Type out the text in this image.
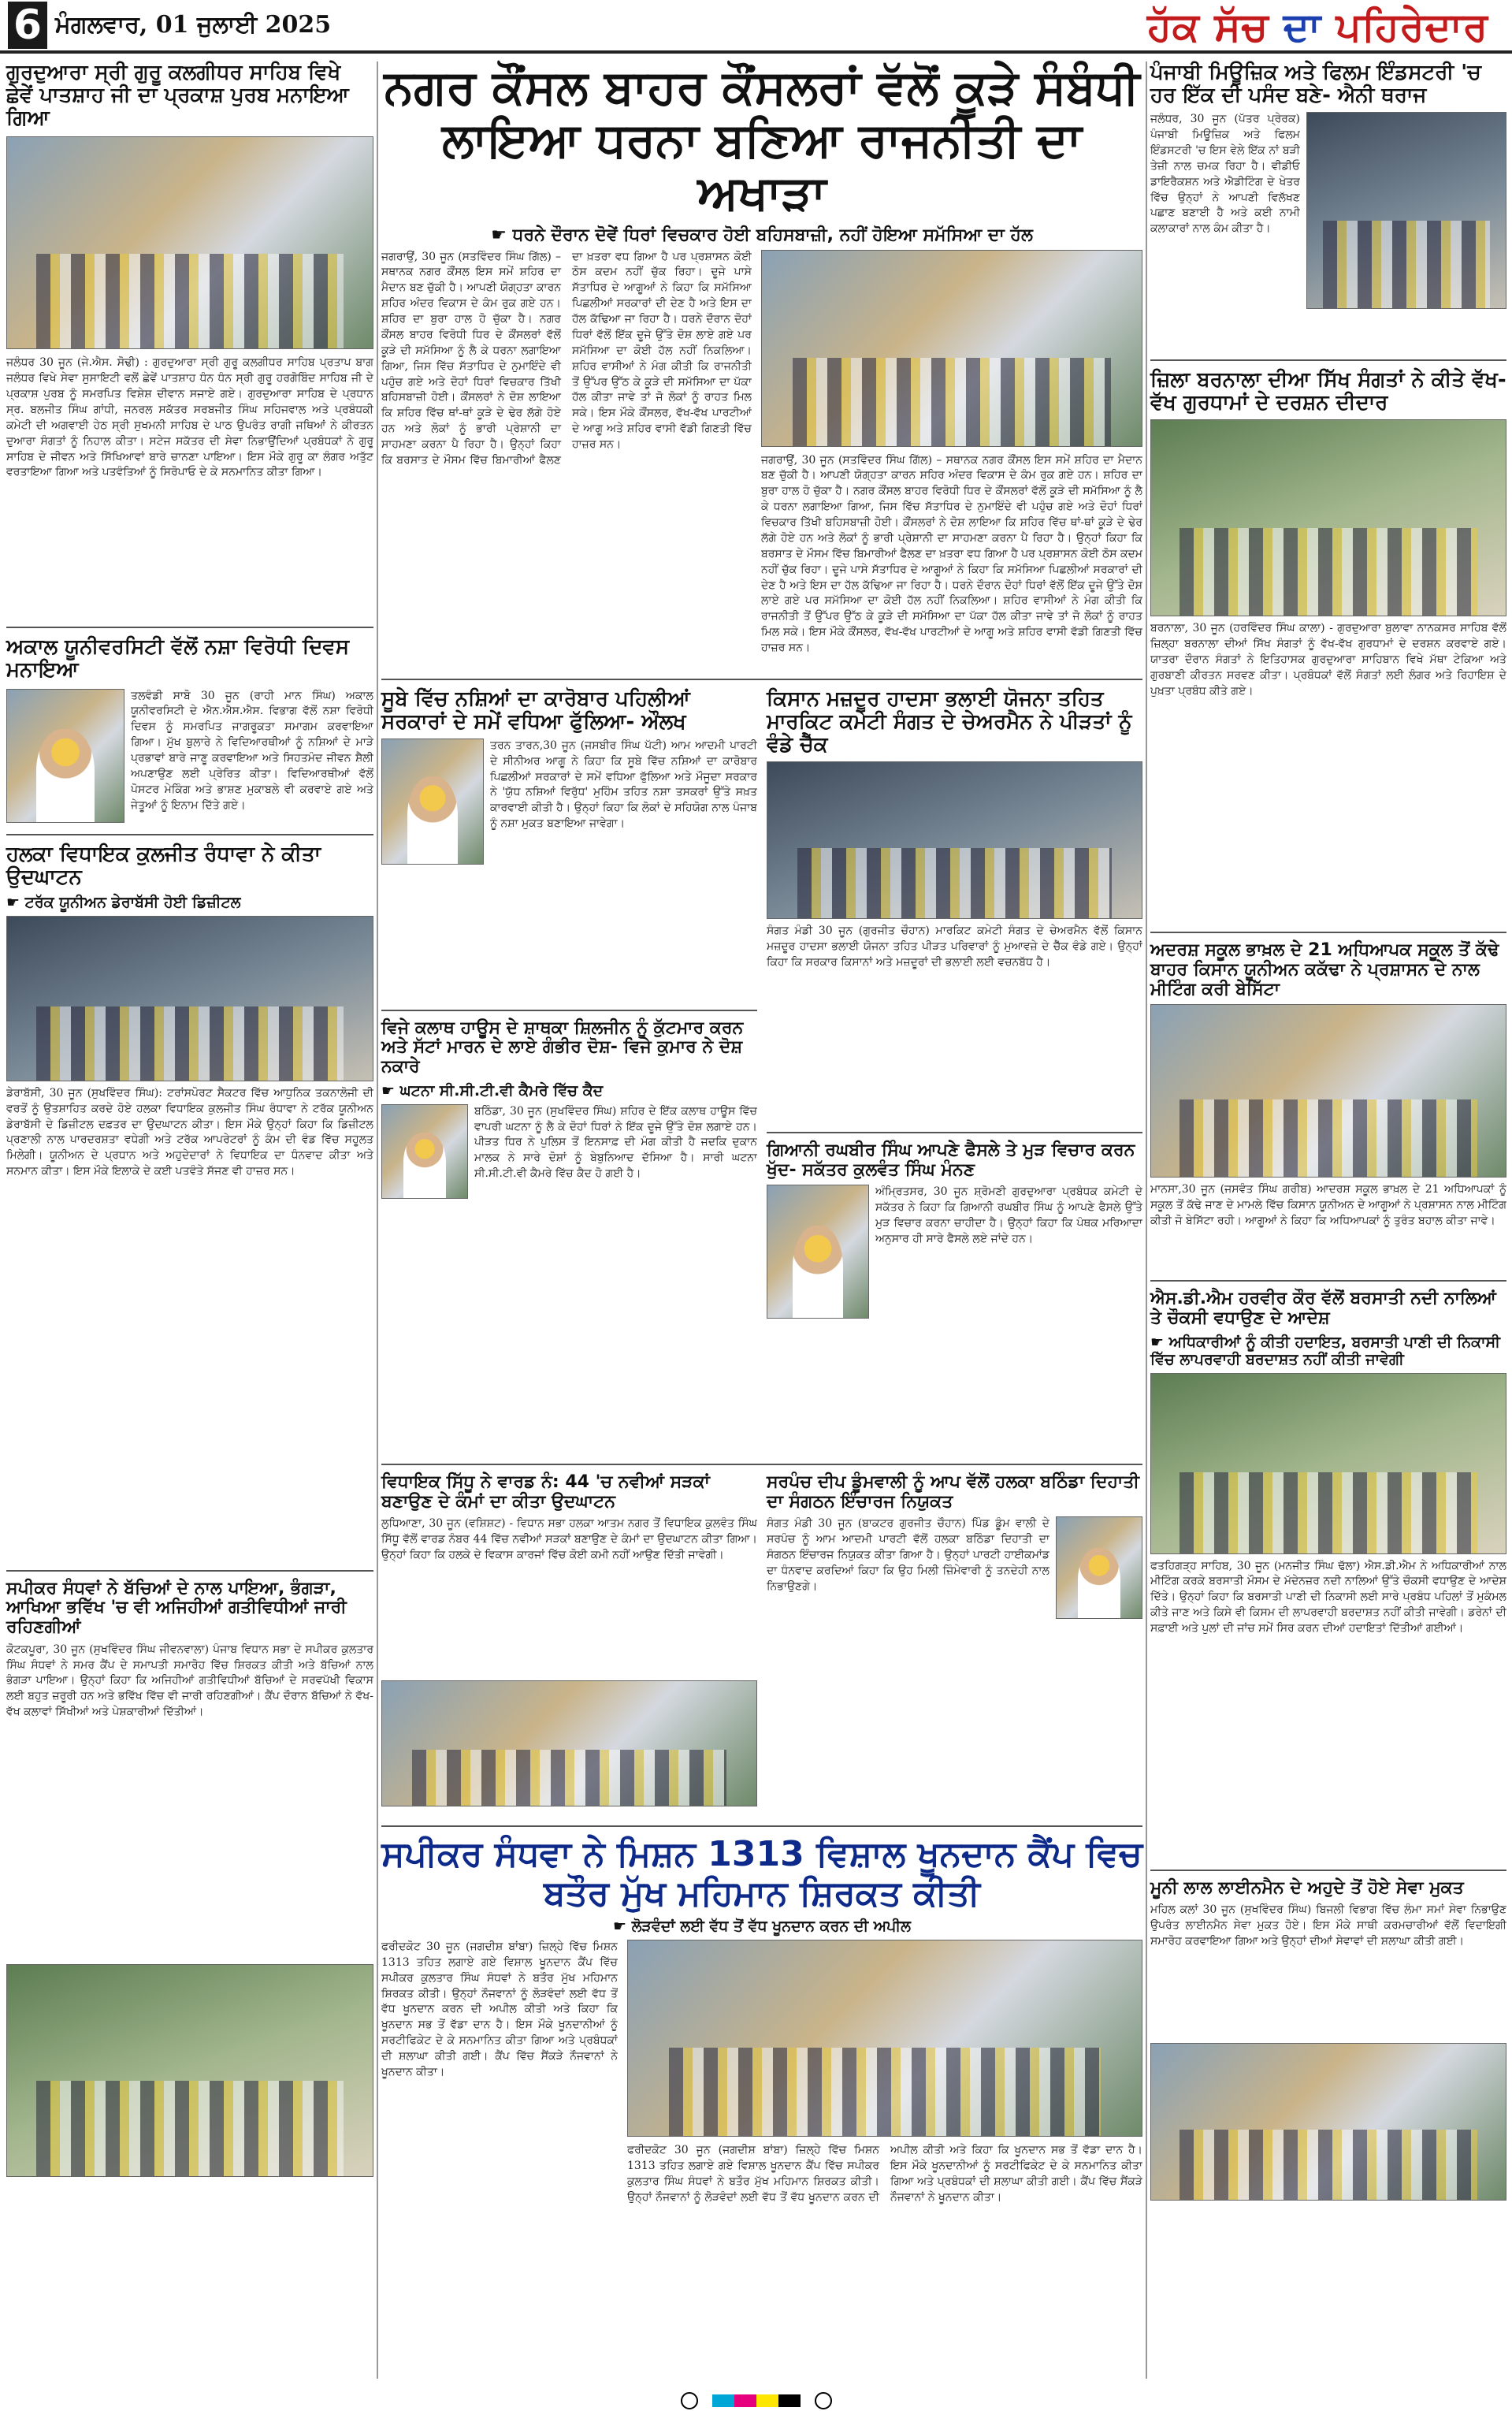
6 ਮੰਗਲਵਾਰ, 01 ਜੁਲਾਈ 2025	ਹੱਕ ਸੱਚ ਦਾ ਪਹਿਰੇਦਾਰ
ਗੁਰਦੁਆਰਾ ਸ੍ਰੀ ਗੁਰੂ ਕਲਗੀਧਰ ਸਾਹਿਬ ਵਿਖੇ ਛੇਵੇਂ ਪਾਤਸ਼ਾਹ ਜੀ ਦਾ ਪ੍ਰਕਾਸ਼ ਪੁਰਬ ਮਨਾਇਆ ਗਿਆ

ਜਲੰਧਰ 30 ਜੂਨ (ਜੇ.ਐਸ. ਸੋਢੀ) : ਗੁਰਦੁਆਰਾ ਸ੍ਰੀ ਗੁਰੂ ਕਲਗੀਧਰ ਸਾਹਿਬ ਪ੍ਰਤਾਪ ਬਾਗ ਜਲੰਧਰ ਵਿਖੇ ਸੇਵਾ ਸੁਸਾਇਟੀ ਵਲੋਂ ਛੇਵੇਂ ਪਾਤਸ਼ਾਹ ਧੰਨ ਧੰਨ ਸ੍ਰੀ ਗੁਰੂ ਹਰਗੋਬਿੰਦ ਸਾਹਿਬ ਜੀ ਦੇ ਪ੍ਰਕਾਸ਼ ਪੁਰਬ ਨੂੰ ਸਮਰਪਿਤ ਵਿਸ਼ੇਸ਼ ਦੀਵਾਨ ਸਜਾਏ ਗਏ। ਗੁਰਦੁਆਰਾ ਸਾਹਿਬ ਦੇ ਪ੍ਰਧਾਨ ਸ੍ਰ. ਬਲਜੀਤ ਸਿੰਘ ਗਾਂਧੀ, ਜਨਰਲ ਸਕੱਤਰ ਸਰਬਜੀਤ ਸਿੰਘ ਸਹਿਜਵਾਲ ਅਤੇ ਪ੍ਰਬੰਧਕੀ ਕਮੇਟੀ ਦੀ ਅਗਵਾਈ ਹੇਠ ਸ੍ਰੀ ਸੁਖਮਨੀ ਸਾਹਿਬ ਦੇ ਪਾਠ ਉਪਰੰਤ ਰਾਗੀ ਜਥਿਆਂ ਨੇ ਕੀਰਤਨ ਦੁਆਰਾ ਸੰਗਤਾਂ ਨੂੰ ਨਿਹਾਲ ਕੀਤਾ। ਸਟੇਜ ਸਕੱਤਰ ਦੀ ਸੇਵਾ ਨਿਭਾਉਂਦਿਆਂ ਪ੍ਰਬੰਧਕਾਂ ਨੇ ਗੁਰੂ ਸਾਹਿਬ ਦੇ ਜੀਵਨ ਅਤੇ ਸਿੱਖਿਆਵਾਂ ਬਾਰੇ ਚਾਨਣਾ ਪਾਇਆ। ਇਸ ਮੌਕੇ ਗੁਰੂ ਕਾ ਲੰਗਰ ਅਤੁੱਟ ਵਰਤਾਇਆ ਗਿਆ ਅਤੇ ਪਤਵੰਤਿਆਂ ਨੂੰ ਸਿਰੋਪਾਓ ਦੇ ਕੇ ਸਨਮਾਨਿਤ ਕੀਤਾ ਗਿਆ।

ਅਕਾਲ ਯੂਨੀਵਰਸਿਟੀ ਵੱਲੋਂ ਨਸ਼ਾ ਵਿਰੋਧੀ ਦਿਵਸ ਮਨਾਇਆ

ਤਲਵੰਡੀ ਸਾਬੋ 30 ਜੂਨ (ਰਾਹੀ ਮਾਨ ਸਿੰਘ) ਅਕਾਲ ਯੂਨੀਵਰਸਿਟੀ ਦੇ ਐਨ.ਐਸ.ਐਸ. ਵਿਭਾਗ ਵੱਲੋਂ ਨਸ਼ਾ ਵਿਰੋਧੀ ਦਿਵਸ ਨੂੰ ਸਮਰਪਿਤ ਜਾਗਰੂਕਤਾ ਸਮਾਗਮ ਕਰਵਾਇਆ ਗਿਆ। ਮੁੱਖ ਬੁਲਾਰੇ ਨੇ ਵਿਦਿਆਰਥੀਆਂ ਨੂੰ ਨਸ਼ਿਆਂ ਦੇ ਮਾੜੇ ਪ੍ਰਭਾਵਾਂ ਬਾਰੇ ਜਾਣੂ ਕਰਵਾਇਆ ਅਤੇ ਸਿਹਤਮੰਦ ਜੀਵਨ ਸ਼ੈਲੀ ਅਪਣਾਉਣ ਲਈ ਪ੍ਰੇਰਿਤ ਕੀਤਾ। ਵਿਦਿਆਰਥੀਆਂ ਵੱਲੋਂ ਪੋਸਟਰ ਮੇਕਿੰਗ ਅਤੇ ਭਾਸ਼ਣ ਮੁਕਾਬਲੇ ਵੀ ਕਰਵਾਏ ਗਏ ਅਤੇ ਜੇਤੂਆਂ ਨੂੰ ਇਨਾਮ ਦਿੱਤੇ ਗਏ।

ਹਲਕਾ ਵਿਧਾਇਕ ਕੁਲਜੀਤ ਰੰਧਾਵਾ ਨੇ ਕੀਤਾ ਉਦਘਾਟਨ
☛ ਟਰੱਕ ਯੂਨੀਅਨ ਡੇਰਾਬੱਸੀ ਹੋਈ ਡਿਜ਼ੀਟਲ

ਡੇਰਾਬੱਸੀ, 30 ਜੂਨ (ਸੁਖਵਿੰਦਰ ਸਿੰਘ): ਟਰਾਂਸਪੋਰਟ ਸੈਕਟਰ ਵਿੱਚ ਆਧੁਨਿਕ ਤਕਨਾਲੋਜੀ ਦੀ ਵਰਤੋਂ ਨੂੰ ਉਤਸ਼ਾਹਿਤ ਕਰਦੇ ਹੋਏ ਹਲਕਾ ਵਿਧਾਇਕ ਕੁਲਜੀਤ ਸਿੰਘ ਰੰਧਾਵਾ ਨੇ ਟਰੱਕ ਯੂਨੀਅਨ ਡੇਰਾਬੱਸੀ ਦੇ ਡਿਜ਼ੀਟਲ ਦਫ਼ਤਰ ਦਾ ਉਦਘਾਟਨ ਕੀਤਾ। ਇਸ ਮੌਕੇ ਉਨ੍ਹਾਂ ਕਿਹਾ ਕਿ ਡਿਜ਼ੀਟਲ ਪ੍ਰਣਾਲੀ ਨਾਲ ਪਾਰਦਰਸ਼ਤਾ ਵਧੇਗੀ ਅਤੇ ਟਰੱਕ ਆਪਰੇਟਰਾਂ ਨੂੰ ਕੰਮ ਦੀ ਵੰਡ ਵਿੱਚ ਸਹੂਲਤ ਮਿਲੇਗੀ। ਯੂਨੀਅਨ ਦੇ ਪ੍ਰਧਾਨ ਅਤੇ ਅਹੁਦੇਦਾਰਾਂ ਨੇ ਵਿਧਾਇਕ ਦਾ ਧੰਨਵਾਦ ਕੀਤਾ ਅਤੇ ਸਨਮਾਨ ਕੀਤਾ। ਇਸ ਮੌਕੇ ਇਲਾਕੇ ਦੇ ਕਈ ਪਤਵੰਤੇ ਸੱਜਣ ਵੀ ਹਾਜ਼ਰ ਸਨ।

ਸਪੀਕਰ ਸੰਧਵਾਂ ਨੇ ਬੱਚਿਆਂ ਦੇ ਨਾਲ ਪਾਇਆ, ਭੰਗੜਾ, ਆਖਿਆ ਭਵਿੱਖ 'ਚ ਵੀ ਅਜਿਹੀਆਂ ਗਤੀਵਿਧੀਆਂ ਜਾਰੀ ਰਹਿਣਗੀਆਂ

ਕੋਟਕਪੂਰਾ, 30 ਜੂਨ (ਸੁਖਵਿੰਦਰ ਸਿੰਘ ਜੀਵਨਵਾਲਾ) ਪੰਜਾਬ ਵਿਧਾਨ ਸਭਾ ਦੇ ਸਪੀਕਰ ਕੁਲਤਾਰ ਸਿੰਘ ਸੰਧਵਾਂ ਨੇ ਸਮਰ ਕੈਂਪ ਦੇ ਸਮਾਪਤੀ ਸਮਾਰੋਹ ਵਿੱਚ ਸ਼ਿਰਕਤ ਕੀਤੀ ਅਤੇ ਬੱਚਿਆਂ ਨਾਲ ਭੰਗੜਾ ਪਾਇਆ। ਉਨ੍ਹਾਂ ਕਿਹਾ ਕਿ ਅਜਿਹੀਆਂ ਗਤੀਵਿਧੀਆਂ ਬੱਚਿਆਂ ਦੇ ਸਰਵਪੱਖੀ ਵਿਕਾਸ ਲਈ ਬਹੁਤ ਜ਼ਰੂਰੀ ਹਨ ਅਤੇ ਭਵਿੱਖ ਵਿੱਚ ਵੀ ਜਾਰੀ ਰਹਿਣਗੀਆਂ। ਕੈਂਪ ਦੌਰਾਨ ਬੱਚਿਆਂ ਨੇ ਵੱਖ-ਵੱਖ ਕਲਾਵਾਂ ਸਿੱਖੀਆਂ ਅਤੇ ਪੇਸ਼ਕਾਰੀਆਂ ਦਿੱਤੀਆਂ।

ਨਗਰ ਕੌਂਸਲ ਬਾਹਰ ਕੌਂਸਲਰਾਂ ਵੱਲੋਂ ਕੂੜੇ ਸੰਬੰਧੀ ਲਾਇਆ ਧਰਨਾ ਬਣਿਆ ਰਾਜਨੀਤੀ ਦਾ ਅਖਾੜਾ
☛ ਧਰਨੇ ਦੌਰਾਨ ਦੋਵੇਂ ਧਿਰਾਂ ਵਿਚਕਾਰ ਹੋਈ ਬਹਿਸਬਾਜ਼ੀ, ਨਹੀਂ ਹੋਇਆ ਸਮੱਸਿਆ ਦਾ ਹੱਲ

ਜਗਰਾਉਂ, 30 ਜੂਨ (ਸਤਵਿੰਦਰ ਸਿੰਘ ਗਿੱਲ) – ਸਥਾਨਕ ਨਗਰ ਕੌਂਸਲ ਇਸ ਸਮੇਂ ਸ਼ਹਿਰ ਦਾ ਮੈਦਾਨ ਬਣ ਚੁੱਕੀ ਹੈ। ਆਪਣੀ ਯੋਗ੍ਹਤਾ ਕਾਰਨ ਸ਼ਹਿਰ ਅੰਦਰ ਵਿਕਾਸ ਦੇ ਕੰਮ ਰੁਕ ਗਏ ਹਨ। ਸ਼ਹਿਰ ਦਾ ਬੁਰਾ ਹਾਲ ਹੋ ਚੁੱਕਾ ਹੈ। ਨਗਰ ਕੌਂਸਲ ਬਾਹਰ ਵਿਰੋਧੀ ਧਿਰ ਦੇ ਕੌਂਸਲਰਾਂ ਵੱਲੋਂ ਕੂੜੇ ਦੀ ਸਮੱਸਿਆ ਨੂੰ ਲੈ ਕੇ ਧਰਨਾ ਲਗਾਇਆ ਗਿਆ, ਜਿਸ ਵਿੱਚ ਸੱਤਾਧਿਰ ਦੇ ਨੁਮਾਇੰਦੇ ਵੀ ਪਹੁੰਚ ਗਏ ਅਤੇ ਦੋਹਾਂ ਧਿਰਾਂ ਵਿਚਕਾਰ ਤਿੱਖੀ ਬਹਿਸਬਾਜ਼ੀ ਹੋਈ। ਕੌਂਸਲਰਾਂ ਨੇ ਦੋਸ਼ ਲਾਇਆ ਕਿ ਸ਼ਹਿਰ ਵਿੱਚ ਥਾਂ-ਥਾਂ ਕੂੜੇ ਦੇ ਢੇਰ ਲੱਗੇ ਹੋਏ ਹਨ ਅਤੇ ਲੋਕਾਂ ਨੂੰ ਭਾਰੀ ਪ੍ਰੇਸ਼ਾਨੀ ਦਾ ਸਾਹਮਣਾ ਕਰਨਾ ਪੈ ਰਿਹਾ ਹੈ। ਉਨ੍ਹਾਂ ਕਿਹਾ ਕਿ ਬਰਸਾਤ ਦੇ ਮੌਸਮ ਵਿੱਚ ਬਿਮਾਰੀਆਂ ਫੈਲਣ ਦਾ ਖ਼ਤਰਾ ਵਧ ਗਿਆ ਹੈ ਪਰ ਪ੍ਰਸ਼ਾਸਨ ਕੋਈ ਠੋਸ ਕਦਮ ਨਹੀਂ ਚੁੱਕ ਰਿਹਾ। ਦੂਜੇ ਪਾਸੇ ਸੱਤਾਧਿਰ ਦੇ ਆਗੂਆਂ ਨੇ ਕਿਹਾ ਕਿ ਸਮੱਸਿਆ ਪਿਛਲੀਆਂ ਸਰਕਾਰਾਂ ਦੀ ਦੇਣ ਹੈ ਅਤੇ ਇਸ ਦਾ ਹੱਲ ਕੱਢਿਆ ਜਾ ਰਿਹਾ ਹੈ। ਧਰਨੇ ਦੌਰਾਨ ਦੋਹਾਂ ਧਿਰਾਂ ਵੱਲੋਂ ਇੱਕ ਦੂਜੇ ਉੱਤੇ ਦੋਸ਼ ਲਾਏ ਗਏ ਪਰ ਸਮੱਸਿਆ ਦਾ ਕੋਈ ਹੱਲ ਨਹੀਂ ਨਿਕਲਿਆ। ਸ਼ਹਿਰ ਵਾਸੀਆਂ ਨੇ ਮੰਗ ਕੀਤੀ ਕਿ ਰਾਜਨੀਤੀ ਤੋਂ ਉੱਪਰ ਉੱਠ ਕੇ ਕੂੜੇ ਦੀ ਸਮੱਸਿਆ ਦਾ ਪੱਕਾ ਹੱਲ ਕੀਤਾ ਜਾਵੇ ਤਾਂ ਜੋ ਲੋਕਾਂ ਨੂੰ ਰਾਹਤ ਮਿਲ ਸਕੇ। ਇਸ ਮੌਕੇ ਕੌਂਸਲਰ, ਵੱਖ-ਵੱਖ ਪਾਰਟੀਆਂ ਦੇ ਆਗੂ ਅਤੇ ਸ਼ਹਿਰ ਵਾਸੀ ਵੱਡੀ ਗਿਣਤੀ ਵਿੱਚ ਹਾਜ਼ਰ ਸਨ।

ਜਗਰਾਉਂ, 30 ਜੂਨ (ਸਤਵਿੰਦਰ ਸਿੰਘ ਗਿੱਲ) – ਸਥਾਨਕ ਨਗਰ ਕੌਂਸਲ ਇਸ ਸਮੇਂ ਸ਼ਹਿਰ ਦਾ ਮੈਦਾਨ ਬਣ ਚੁੱਕੀ ਹੈ। ਆਪਣੀ ਯੋਗ੍ਹਤਾ ਕਾਰਨ ਸ਼ਹਿਰ ਅੰਦਰ ਵਿਕਾਸ ਦੇ ਕੰਮ ਰੁਕ ਗਏ ਹਨ। ਸ਼ਹਿਰ ਦਾ ਬੁਰਾ ਹਾਲ ਹੋ ਚੁੱਕਾ ਹੈ। ਨਗਰ ਕੌਂਸਲ ਬਾਹਰ ਵਿਰੋਧੀ ਧਿਰ ਦੇ ਕੌਂਸਲਰਾਂ ਵੱਲੋਂ ਕੂੜੇ ਦੀ ਸਮੱਸਿਆ ਨੂੰ ਲੈ ਕੇ ਧਰਨਾ ਲਗਾਇਆ ਗਿਆ, ਜਿਸ ਵਿੱਚ ਸੱਤਾਧਿਰ ਦੇ ਨੁਮਾਇੰਦੇ ਵੀ ਪਹੁੰਚ ਗਏ ਅਤੇ ਦੋਹਾਂ ਧਿਰਾਂ ਵਿਚਕਾਰ ਤਿੱਖੀ ਬਹਿਸਬਾਜ਼ੀ ਹੋਈ। ਕੌਂਸਲਰਾਂ ਨੇ ਦੋਸ਼ ਲਾਇਆ ਕਿ ਸ਼ਹਿਰ ਵਿੱਚ ਥਾਂ-ਥਾਂ ਕੂੜੇ ਦੇ ਢੇਰ ਲੱਗੇ ਹੋਏ ਹਨ ਅਤੇ ਲੋਕਾਂ ਨੂੰ ਭਾਰੀ ਪ੍ਰੇਸ਼ਾਨੀ ਦਾ ਸਾਹਮਣਾ ਕਰਨਾ ਪੈ ਰਿਹਾ ਹੈ। ਉਨ੍ਹਾਂ ਕਿਹਾ ਕਿ ਬਰਸਾਤ ਦੇ ਮੌਸਮ ਵਿੱਚ ਬਿਮਾਰੀਆਂ ਫੈਲਣ ਦਾ ਖ਼ਤਰਾ ਵਧ ਗਿਆ ਹੈ ਪਰ ਪ੍ਰਸ਼ਾਸਨ ਕੋਈ ਠੋਸ ਕਦਮ ਨਹੀਂ ਚੁੱਕ ਰਿਹਾ। ਦੂਜੇ ਪਾਸੇ ਸੱਤਾਧਿਰ ਦੇ ਆਗੂਆਂ ਨੇ ਕਿਹਾ ਕਿ ਸਮੱਸਿਆ ਪਿਛਲੀਆਂ ਸਰਕਾਰਾਂ ਦੀ ਦੇਣ ਹੈ ਅਤੇ ਇਸ ਦਾ ਹੱਲ ਕੱਢਿਆ ਜਾ ਰਿਹਾ ਹੈ। ਧਰਨੇ ਦੌਰਾਨ ਦੋਹਾਂ ਧਿਰਾਂ ਵੱਲੋਂ ਇੱਕ ਦੂਜੇ ਉੱਤੇ ਦੋਸ਼ ਲਾਏ ਗਏ ਪਰ ਸਮੱਸਿਆ ਦਾ ਕੋਈ ਹੱਲ ਨਹੀਂ ਨਿਕਲਿਆ। ਸ਼ਹਿਰ ਵਾਸੀਆਂ ਨੇ ਮੰਗ ਕੀਤੀ ਕਿ ਰਾਜਨੀਤੀ ਤੋਂ ਉੱਪਰ ਉੱਠ ਕੇ ਕੂੜੇ ਦੀ ਸਮੱਸਿਆ ਦਾ ਪੱਕਾ ਹੱਲ ਕੀਤਾ ਜਾਵੇ ਤਾਂ ਜੋ ਲੋਕਾਂ ਨੂੰ ਰਾਹਤ ਮਿਲ ਸਕੇ। ਇਸ ਮੌਕੇ ਕੌਂਸਲਰ, ਵੱਖ-ਵੱਖ ਪਾਰਟੀਆਂ ਦੇ ਆਗੂ ਅਤੇ ਸ਼ਹਿਰ ਵਾਸੀ ਵੱਡੀ ਗਿਣਤੀ ਵਿੱਚ ਹਾਜ਼ਰ ਸਨ।

ਸੂਬੇ ਵਿੱਚ ਨਸ਼ਿਆਂ ਦਾ ਕਾਰੋਬਾਰ ਪਹਿਲੀਆਂ ਸਰਕਾਰਾਂ ਦੇ ਸਮੇਂ ਵਧਿਆ ਫੁੱਲਿਆ- ਔਲਖ

ਤਰਨ ਤਾਰਨ,30 ਜੂਨ (ਜਸਬੀਰ ਸਿੰਘ ਪੱਟੀ) ਆਮ ਆਦਮੀ ਪਾਰਟੀ ਦੇ ਸੀਨੀਅਰ ਆਗੂ ਨੇ ਕਿਹਾ ਕਿ ਸੂਬੇ ਵਿੱਚ ਨਸ਼ਿਆਂ ਦਾ ਕਾਰੋਬਾਰ ਪਿਛਲੀਆਂ ਸਰਕਾਰਾਂ ਦੇ ਸਮੇਂ ਵਧਿਆ ਫੁੱਲਿਆ ਅਤੇ ਮੌਜੂਦਾ ਸਰਕਾਰ ਨੇ 'ਯੁੱਧ ਨਸ਼ਿਆਂ ਵਿਰੁੱਧ' ਮੁਹਿੰਮ ਤਹਿਤ ਨਸ਼ਾ ਤਸਕਰਾਂ ਉੱਤੇ ਸਖ਼ਤ ਕਾਰਵਾਈ ਕੀਤੀ ਹੈ। ਉਨ੍ਹਾਂ ਕਿਹਾ ਕਿ ਲੋਕਾਂ ਦੇ ਸਹਿਯੋਗ ਨਾਲ ਪੰਜਾਬ ਨੂੰ ਨਸ਼ਾ ਮੁਕਤ ਬਣਾਇਆ ਜਾਵੇਗਾ।

ਵਿਜੇ ਕਲਾਥ ਹਾਊਸ ਦੇ ਸ਼ਾਥਕਾ ਸ਼ਿਲਜੀਨ ਨੂੰ ਕੁੱਟਮਾਰ ਕਰਨ ਅਤੇ ਸੱਟਾਂ ਮਾਰਨ ਦੇ ਲਾਏ ਗੰਭੀਰ ਦੋਸ਼- ਵਿਜੇ ਕੁਮਾਰ ਨੇ ਦੋਸ਼ ਨਕਾਰੇ
☛ ਘਟਨਾ ਸੀ.ਸੀ.ਟੀ.ਵੀ ਕੈਮਰੇ ਵਿੱਚ ਕੈਦ

ਬਠਿੰਡਾ, 30 ਜੂਨ (ਸੁਖਵਿੰਦਰ ਸਿੰਘ) ਸ਼ਹਿਰ ਦੇ ਇੱਕ ਕਲਾਥ ਹਾਊਸ ਵਿੱਚ ਵਾਪਰੀ ਘਟਨਾ ਨੂੰ ਲੈ ਕੇ ਦੋਹਾਂ ਧਿਰਾਂ ਨੇ ਇੱਕ ਦੂਜੇ ਉੱਤੇ ਦੋਸ਼ ਲਗਾਏ ਹਨ। ਪੀੜਤ ਧਿਰ ਨੇ ਪੁਲਿਸ ਤੋਂ ਇਨਸਾਫ਼ ਦੀ ਮੰਗ ਕੀਤੀ ਹੈ ਜਦਕਿ ਦੁਕਾਨ ਮਾਲਕ ਨੇ ਸਾਰੇ ਦੋਸ਼ਾਂ ਨੂੰ ਬੇਬੁਨਿਆਦ ਦੱਸਿਆ ਹੈ। ਸਾਰੀ ਘਟਨਾ ਸੀ.ਸੀ.ਟੀ.ਵੀ ਕੈਮਰੇ ਵਿੱਚ ਕੈਦ ਹੋ ਗਈ ਹੈ।

ਕਿਸਾਨ ਮਜ਼ਦੂਰ ਹਾਦਸਾ ਭਲਾਈ ਯੋਜਨਾ ਤਹਿਤ ਮਾਰਕਿਟ ਕਮੇਟੀ ਸੰਗਤ ਦੇ ਚੇਅਰਮੈਨ ਨੇ ਪੀੜਤਾਂ ਨੂੰ ਵੰਡੇ ਚੈੱਕ

ਸੰਗਤ ਮੰਡੀ 30 ਜੂਨ (ਗੁਰਜੀਤ ਚੌਹਾਨ) ਮਾਰਕਿਟ ਕਮੇਟੀ ਸੰਗਤ ਦੇ ਚੇਅਰਮੈਨ ਵੱਲੋਂ ਕਿਸਾਨ ਮਜ਼ਦੂਰ ਹਾਦਸਾ ਭਲਾਈ ਯੋਜਨਾ ਤਹਿਤ ਪੀੜਤ ਪਰਿਵਾਰਾਂ ਨੂੰ ਮੁਆਵਜ਼ੇ ਦੇ ਚੈੱਕ ਵੰਡੇ ਗਏ। ਉਨ੍ਹਾਂ ਕਿਹਾ ਕਿ ਸਰਕਾਰ ਕਿਸਾਨਾਂ ਅਤੇ ਮਜ਼ਦੂਰਾਂ ਦੀ ਭਲਾਈ ਲਈ ਵਚਨਬੱਧ ਹੈ।

ਗਿਆਨੀ ਰਘਬੀਰ ਸਿੰਘ ਆਪਣੇ ਫੈਸਲੇ ਤੇ ਮੁੜ ਵਿਚਾਰ ਕਰਨ ਖੁੱਦ- ਸਕੱਤਰ ਕੁਲਵੰਤ ਸਿੰਘ ਮੰਨਣ

ਅੰਮ੍ਰਿਤਸਰ, 30 ਜੂਨ ਸ਼੍ਰੋਮਣੀ ਗੁਰਦੁਆਰਾ ਪ੍ਰਬੰਧਕ ਕਮੇਟੀ ਦੇ ਸਕੱਤਰ ਨੇ ਕਿਹਾ ਕਿ ਗਿਆਨੀ ਰਘਬੀਰ ਸਿੰਘ ਨੂੰ ਆਪਣੇ ਫੈਸਲੇ ਉੱਤੇ ਮੁੜ ਵਿਚਾਰ ਕਰਨਾ ਚਾਹੀਦਾ ਹੈ। ਉਨ੍ਹਾਂ ਕਿਹਾ ਕਿ ਪੰਥਕ ਮਰਿਆਦਾ ਅਨੁਸਾਰ ਹੀ ਸਾਰੇ ਫੈਸਲੇ ਲਏ ਜਾਂਦੇ ਹਨ।

ਵਿਧਾਇਕ ਸਿੱਧੂ ਨੇ ਵਾਰਡ ਨੰ: 44 'ਚ ਨਵੀਆਂ ਸੜਕਾਂ ਬਣਾਉਣ ਦੇ ਕੰਮਾਂ ਦਾ ਕੀਤਾ ਉਦਘਾਟਨ

ਲੁਧਿਆਣਾ, 30 ਜੂਨ (ਵਸ਼ਿਸ਼ਟ) - ਵਿਧਾਨ ਸਭਾ ਹਲਕਾ ਆਤਮ ਨਗਰ ਤੋਂ ਵਿਧਾਇਕ ਕੁਲਵੰਤ ਸਿੰਘ ਸਿੱਧੂ ਵੱਲੋਂ ਵਾਰਡ ਨੰਬਰ 44 ਵਿੱਚ ਨਵੀਆਂ ਸੜਕਾਂ ਬਣਾਉਣ ਦੇ ਕੰਮਾਂ ਦਾ ਉਦਘਾਟਨ ਕੀਤਾ ਗਿਆ। ਉਨ੍ਹਾਂ ਕਿਹਾ ਕਿ ਹਲਕੇ ਦੇ ਵਿਕਾਸ ਕਾਰਜਾਂ ਵਿੱਚ ਕੋਈ ਕਮੀ ਨਹੀਂ ਆਉਣ ਦਿੱਤੀ ਜਾਵੇਗੀ।

ਸਰਪੰਚ ਦੀਪ ਡੂੰਮਵਾਲੀ ਨੂੰ ਆਪ ਵੱਲੋਂ ਹਲਕਾ ਬਠਿੰਡਾ ਦਿਹਾਤੀ ਦਾ ਸੰਗਠਨ ਇੰਚਾਰਜ ਨਿਯੁਕਤ

ਸੰਗਤ ਮੰਡੀ 30 ਜੂਨ (ਬਾਕਟਰ ਗੁਰਜੀਤ ਚੌਹਾਨ) ਪਿੰਡ ਡੂੰਮ ਵਾਲੀ ਦੇ ਸਰਪੰਚ ਨੂੰ ਆਮ ਆਦਮੀ ਪਾਰਟੀ ਵੱਲੋਂ ਹਲਕਾ ਬਠਿੰਡਾ ਦਿਹਾਤੀ ਦਾ ਸੰਗਠਨ ਇੰਚਾਰਜ ਨਿਯੁਕਤ ਕੀਤਾ ਗਿਆ ਹੈ। ਉਨ੍ਹਾਂ ਪਾਰਟੀ ਹਾਈਕਮਾਂਡ ਦਾ ਧੰਨਵਾਦ ਕਰਦਿਆਂ ਕਿਹਾ ਕਿ ਉਹ ਮਿਲੀ ਜ਼ਿੰਮੇਵਾਰੀ ਨੂੰ ਤਨਦੇਹੀ ਨਾਲ ਨਿਭਾਉਣਗੇ।

ਸਪੀਕਰ ਸੰਧਵਾ ਨੇ ਮਿਸ਼ਨ 1313 ਵਿਸ਼ਾਲ ਖੂਨਦਾਨ ਕੈਂਪ ਵਿਚ ਬਤੌਰ ਮੁੱਖ ਮਹਿਮਾਨ ਸ਼ਿਰਕਤ ਕੀਤੀ
☛ ਲੋੜਵੰਦਾਂ ਲਈ ਵੱਧ ਤੋਂ ਵੱਧ ਖੂਨਦਾਨ ਕਰਨ ਦੀ ਅਪੀਲ

ਫਰੀਦਕੋਟ 30 ਜੂਨ (ਜਗਦੀਸ਼ ਬਾਂਬਾ) ਜ਼ਿਲ੍ਹੇ ਵਿੱਚ ਮਿਸ਼ਨ 1313 ਤਹਿਤ ਲਗਾਏ ਗਏ ਵਿਸ਼ਾਲ ਖੂਨਦਾਨ ਕੈਂਪ ਵਿੱਚ ਸਪੀਕਰ ਕੁਲਤਾਰ ਸਿੰਘ ਸੰਧਵਾਂ ਨੇ ਬਤੌਰ ਮੁੱਖ ਮਹਿਮਾਨ ਸ਼ਿਰਕਤ ਕੀਤੀ। ਉਨ੍ਹਾਂ ਨੌਜਵਾਨਾਂ ਨੂੰ ਲੋੜਵੰਦਾਂ ਲਈ ਵੱਧ ਤੋਂ ਵੱਧ ਖੂਨਦਾਨ ਕਰਨ ਦੀ ਅਪੀਲ ਕੀਤੀ ਅਤੇ ਕਿਹਾ ਕਿ ਖੂਨਦਾਨ ਸਭ ਤੋਂ ਵੱਡਾ ਦਾਨ ਹੈ। ਇਸ ਮੌਕੇ ਖੂਨਦਾਨੀਆਂ ਨੂੰ ਸਰਟੀਫਿਕੇਟ ਦੇ ਕੇ ਸਨਮਾਨਿਤ ਕੀਤਾ ਗਿਆ ਅਤੇ ਪ੍ਰਬੰਧਕਾਂ ਦੀ ਸ਼ਲਾਘਾ ਕੀਤੀ ਗਈ। ਕੈਂਪ ਵਿੱਚ ਸੈਂਕੜੇ ਨੌਜਵਾਨਾਂ ਨੇ ਖੂਨਦਾਨ ਕੀਤਾ।

ਫਰੀਦਕੋਟ 30 ਜੂਨ (ਜਗਦੀਸ਼ ਬਾਂਬਾ) ਜ਼ਿਲ੍ਹੇ ਵਿੱਚ ਮਿਸ਼ਨ 1313 ਤਹਿਤ ਲਗਾਏ ਗਏ ਵਿਸ਼ਾਲ ਖੂਨਦਾਨ ਕੈਂਪ ਵਿੱਚ ਸਪੀਕਰ ਕੁਲਤਾਰ ਸਿੰਘ ਸੰਧਵਾਂ ਨੇ ਬਤੌਰ ਮੁੱਖ ਮਹਿਮਾਨ ਸ਼ਿਰਕਤ ਕੀਤੀ। ਉਨ੍ਹਾਂ ਨੌਜਵਾਨਾਂ ਨੂੰ ਲੋੜਵੰਦਾਂ ਲਈ ਵੱਧ ਤੋਂ ਵੱਧ ਖੂਨਦਾਨ ਕਰਨ ਦੀ ਅਪੀਲ ਕੀਤੀ ਅਤੇ ਕਿਹਾ ਕਿ ਖੂਨਦਾਨ ਸਭ ਤੋਂ ਵੱਡਾ ਦਾਨ ਹੈ। ਇਸ ਮੌਕੇ ਖੂਨਦਾਨੀਆਂ ਨੂੰ ਸਰਟੀਫਿਕੇਟ ਦੇ ਕੇ ਸਨਮਾਨਿਤ ਕੀਤਾ ਗਿਆ ਅਤੇ ਪ੍ਰਬੰਧਕਾਂ ਦੀ ਸ਼ਲਾਘਾ ਕੀਤੀ ਗਈ। ਕੈਂਪ ਵਿੱਚ ਸੈਂਕੜੇ ਨੌਜਵਾਨਾਂ ਨੇ ਖੂਨਦਾਨ ਕੀਤਾ।

ਪੰਜਾਬੀ ਮਿਊਜ਼ਿਕ ਅਤੇ ਫਿਲਮ ਇੰਡਸਟਰੀ 'ਚ ਹਰ ਇੱਕ ਦੀ ਪਸੰਦ ਬਣੇ- ਐਨੀ ਥਰਾਜ

ਜਲੰਧਰ, 30 ਜੂਨ (ਪੱਤਰ ਪ੍ਰੇਰਕ) ਪੰਜਾਬੀ ਮਿਊਜ਼ਿਕ ਅਤੇ ਫਿਲਮ ਇੰਡਸਟਰੀ 'ਚ ਇਸ ਵੇਲੇ ਇੱਕ ਨਾਂ ਬੜੀ ਤੇਜ਼ੀ ਨਾਲ ਚਮਕ ਰਿਹਾ ਹੈ। ਵੀਡੀਓ ਡਾਇਰੈਕਸ਼ਨ ਅਤੇ ਐਡੀਟਿੰਗ ਦੇ ਖੇਤਰ ਵਿੱਚ ਉਨ੍ਹਾਂ ਨੇ ਆਪਣੀ ਵਿਲੱਖਣ ਪਛਾਣ ਬਣਾਈ ਹੈ ਅਤੇ ਕਈ ਨਾਮੀ ਕਲਾਕਾਰਾਂ ਨਾਲ ਕੰਮ ਕੀਤਾ ਹੈ।

ਜ਼ਿਲਾ ਬਰਨਾਲਾ ਦੀਆ ਸਿੱਖ ਸੰਗਤਾਂ ਨੇ ਕੀਤੇ ਵੱਖ- ਵੱਖ ਗੁਰਧਾਮਾਂ ਦੇ ਦਰਸ਼ਨ ਦੀਦਾਰ

ਬਰਨਾਲਾ, 30 ਜੂਨ (ਹਰਵਿੰਦਰ ਸਿੰਘ ਕਾਲਾ) - ਗੁਰਦੁਆਰਾ ਬੁਲਾਵਾ ਨਾਨਕਸਰ ਸਾਹਿਬ ਵੱਲੋਂ ਜ਼ਿਲ੍ਹਾ ਬਰਨਾਲਾ ਦੀਆਂ ਸਿੱਖ ਸੰਗਤਾਂ ਨੂੰ ਵੱਖ-ਵੱਖ ਗੁਰਧਾਮਾਂ ਦੇ ਦਰਸ਼ਨ ਕਰਵਾਏ ਗਏ। ਯਾਤਰਾ ਦੌਰਾਨ ਸੰਗਤਾਂ ਨੇ ਇਤਿਹਾਸਕ ਗੁਰਦੁਆਰਾ ਸਾਹਿਬਾਨ ਵਿਖੇ ਮੱਥਾ ਟੇਕਿਆ ਅਤੇ ਗੁਰਬਾਣੀ ਕੀਰਤਨ ਸਰਵਣ ਕੀਤਾ। ਪ੍ਰਬੰਧਕਾਂ ਵੱਲੋਂ ਸੰਗਤਾਂ ਲਈ ਲੰਗਰ ਅਤੇ ਰਿਹਾਇਸ਼ ਦੇ ਪੁਖ਼ਤਾ ਪ੍ਰਬੰਧ ਕੀਤੇ ਗਏ।

ਅਦਰਸ਼ ਸਕੂਲ ਭਾਖ਼ਲ ਦੇ 21 ਅਧਿਆਪਕ ਸਕੂਲ ਤੋਂ ਕੱਢੇ ਬਾਹਰ ਕਿਸਾਨ ਯੂਨੀਅਨ ਕਕੱਢਾ ਨੇ ਪ੍ਰਸ਼ਾਸਨ ਦੇ ਨਾਲ ਮੀਟਿੰਗ ਕਰੀ ਬੇਸਿੱਟਾ

ਮਾਨਸਾ,30 ਜੂਨ (ਜਸਵੰਤ ਸਿੰਘ ਗਰੀਬ) ਆਦਰਸ਼ ਸਕੂਲ ਭਾਖ਼ਲ ਦੇ 21 ਅਧਿਆਪਕਾਂ ਨੂੰ ਸਕੂਲ ਤੋਂ ਕੱਢੇ ਜਾਣ ਦੇ ਮਾਮਲੇ ਵਿੱਚ ਕਿਸਾਨ ਯੂਨੀਅਨ ਦੇ ਆਗੂਆਂ ਨੇ ਪ੍ਰਸ਼ਾਸਨ ਨਾਲ ਮੀਟਿੰਗ ਕੀਤੀ ਜੋ ਬੇਸਿੱਟਾ ਰਹੀ। ਆਗੂਆਂ ਨੇ ਕਿਹਾ ਕਿ ਅਧਿਆਪਕਾਂ ਨੂੰ ਤੁਰੰਤ ਬਹਾਲ ਕੀਤਾ ਜਾਵੇ।

ਐਸ.ਡੀ.ਐਮ ਹਰਵੀਰ ਕੌਰ ਵੱਲੋਂ ਬਰਸਾਤੀ ਨਦੀ ਨਾਲਿਆਂ ਤੇ ਚੌਕਸੀ ਵਧਾਉਣ ਦੇ ਆਦੇਸ਼
☛ ਅਧਿਕਾਰੀਆਂ ਨੂੰ ਕੀਤੀ ਹਦਾਇਤ, ਬਰਸਾਤੀ ਪਾਣੀ ਦੀ ਨਿਕਾਸੀ ਵਿੱਚ ਲਾਪਰਵਾਹੀ ਬਰਦਾਸ਼ਤ ਨਹੀਂ ਕੀਤੀ ਜਾਵੇਗੀ

ਫਤਹਿਗੜ੍ਹ ਸਾਹਿਬ, 30 ਜੂਨ (ਮਨਜੀਤ ਸਿੰਘ ਢੱਲਾ) ਐਸ.ਡੀ.ਐਮ ਨੇ ਅਧਿਕਾਰੀਆਂ ਨਾਲ ਮੀਟਿੰਗ ਕਰਕੇ ਬਰਸਾਤੀ ਮੌਸਮ ਦੇ ਮੱਦੇਨਜ਼ਰ ਨਦੀ ਨਾਲਿਆਂ ਉੱਤੇ ਚੌਕਸੀ ਵਧਾਉਣ ਦੇ ਆਦੇਸ਼ ਦਿੱਤੇ। ਉਨ੍ਹਾਂ ਕਿਹਾ ਕਿ ਬਰਸਾਤੀ ਪਾਣੀ ਦੀ ਨਿਕਾਸੀ ਲਈ ਸਾਰੇ ਪ੍ਰਬੰਧ ਪਹਿਲਾਂ ਤੋਂ ਮੁਕੰਮਲ ਕੀਤੇ ਜਾਣ ਅਤੇ ਕਿਸੇ ਵੀ ਕਿਸਮ ਦੀ ਲਾਪਰਵਾਹੀ ਬਰਦਾਸ਼ਤ ਨਹੀਂ ਕੀਤੀ ਜਾਵੇਗੀ। ਡਰੇਨਾਂ ਦੀ ਸਫ਼ਾਈ ਅਤੇ ਪੁਲਾਂ ਦੀ ਜਾਂਚ ਸਮੇਂ ਸਿਰ ਕਰਨ ਦੀਆਂ ਹਦਾਇਤਾਂ ਦਿੱਤੀਆਂ ਗਈਆਂ।

ਮੂਨੀ ਲਾਲ ਲਾਈਨਮੈਨ ਦੇ ਅਹੁਦੇ ਤੋਂ ਹੋਏ ਸੇਵਾ ਮੁਕਤ

ਮਹਿਲ ਕਲਾਂ 30 ਜੂਨ (ਸੁਖਵਿੰਦਰ ਸਿੰਘ) ਬਿਜਲੀ ਵਿਭਾਗ ਵਿੱਚ ਲੰਮਾ ਸਮਾਂ ਸੇਵਾ ਨਿਭਾਉਣ ਉਪਰੰਤ ਲਾਈਨਮੈਨ ਸੇਵਾ ਮੁਕਤ ਹੋਏ। ਇਸ ਮੌਕੇ ਸਾਥੀ ਕਰਮਚਾਰੀਆਂ ਵੱਲੋਂ ਵਿਦਾਇਗੀ ਸਮਾਰੋਹ ਕਰਵਾਇਆ ਗਿਆ ਅਤੇ ਉਨ੍ਹਾਂ ਦੀਆਂ ਸੇਵਾਵਾਂ ਦੀ ਸ਼ਲਾਘਾ ਕੀਤੀ ਗਈ।
